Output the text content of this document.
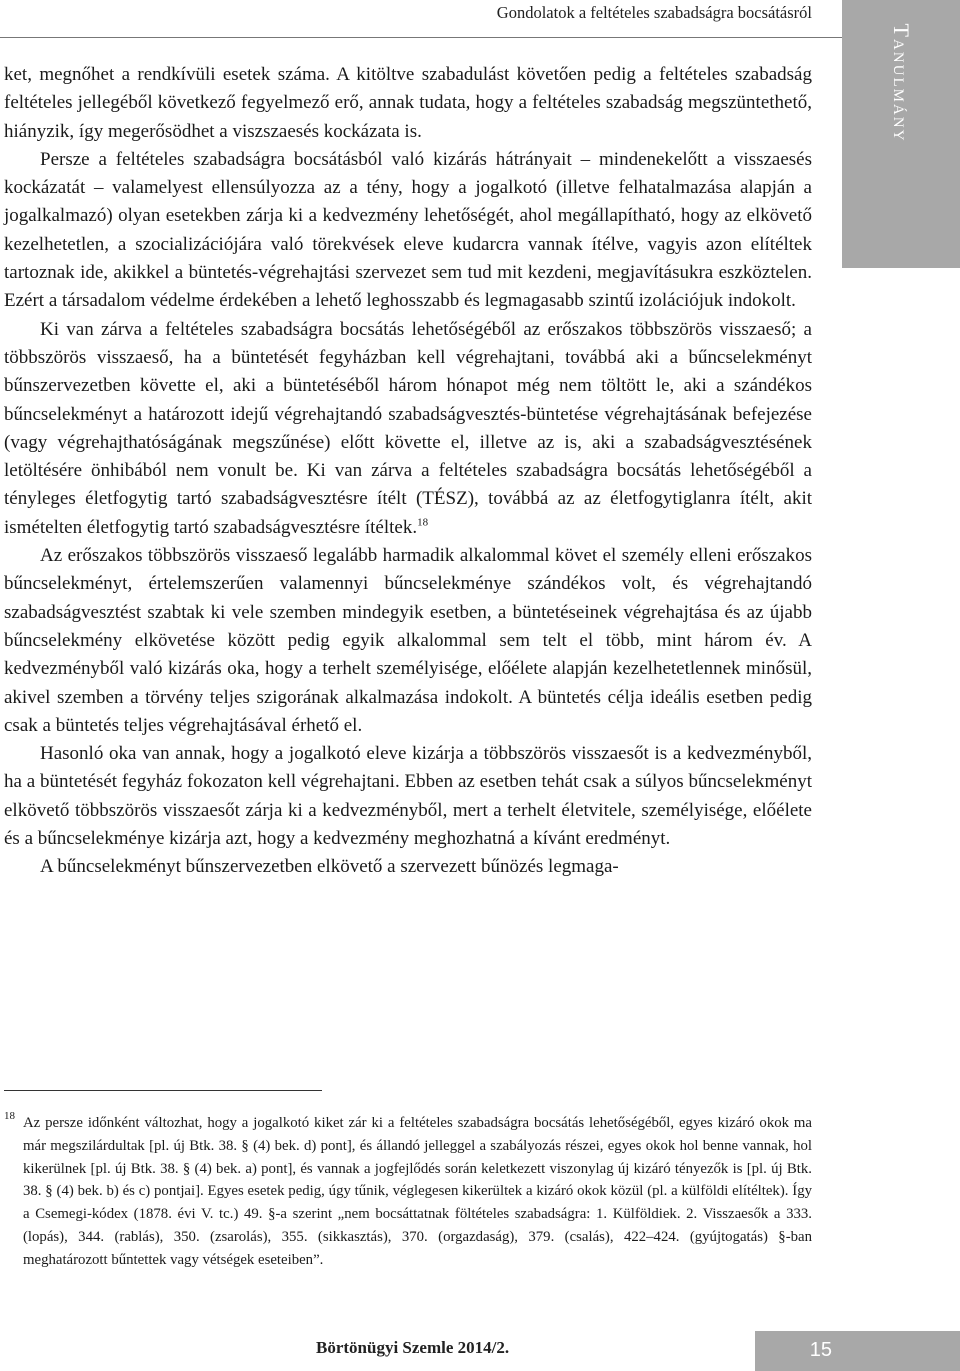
Gondolatok a feltételes szabadságra bocsátásról
Tanulmány

ket, megnőhet a rendkívüli esetek száma. A kitöltve szabadulást követően pedig a feltételes szabadság feltételes jellegéből következő fegyelmező erő, annak tudata, hogy a feltételes szabadság megszüntethető, hiányzik, így megerősödhet a viszszaesés kockázata is.

Persze a feltételes szabadságra bocsátásból való kizárás hátrányait – mindenekelőtt a visszaesés kockázatát – valamelyest ellensúlyozza az a tény, hogy a jogalkotó (illetve felhatalmazása alapján a jogalkalmazó) olyan esetekben zárja ki a kedvezmény lehetőségét, ahol megállapítható, hogy az elkövető kezelhetetlen, a szocializációjára való törekvések eleve kudarcra vannak ítélve, vagyis azon elítéltek tartoznak ide, akikkel a büntetés-végrehajtási szervezet sem tud mit kezdeni, megjavításukra eszköztelen. Ezért a társadalom védelme érdekében a lehető leghosszabb és legmagasabb szintű izolációjuk indokolt.

Ki van zárva a feltételes szabadságra bocsátás lehetőségéből az erőszakos többszörös visszaeső; a többszörös visszaeső, ha a büntetését fegyházban kell végrehajtani, továbbá aki a bűncselekményt bűnszervezetben követte el, aki a büntetéséből három hónapot még nem töltött le, aki a szándékos bűncselekményt a határozott idejű végrehajtandó szabadságvesztés-büntetése végrehajtásának befejezése (vagy végrehajthatóságának megszűnése) előtt követte el, illetve az is, aki a szabadságvesztésének letöltésére önhibából nem vonult be. Ki van zárva a feltételes szabadságra bocsátás lehetőségéből a tényleges életfogytig tartó szabadságvesztésre ítélt (TÉSZ), továbbá az az életfogytiglanra ítélt, akit ismételten életfogytig tartó szabadságvesztésre ítéltek.$^{18}$

Az erőszakos többszörös visszaeső legalább harmadik alkalommal követ el személy elleni erőszakos bűncselekményt, értelemszerűen valamennyi bűncselekménye szándékos volt, és végrehajtandó szabadságvesztést szabtak ki vele szemben mindegyik esetben, a büntetéseinek végrehajtása és az újabb bűncselekmény elkövetése között pedig egyik alkalommal sem telt el több, mint három év. A kedvezményből való kizárás oka, hogy a terhelt személyisége, előélete alapján kezelhetetlennek minősül, akivel szemben a törvény teljes szigorának alkalmazása indokolt. A büntetés célja ideális esetben pedig csak a büntetés teljes végrehajtásával érhető el.

Hasonló oka van annak, hogy a jogalkotó eleve kizárja a többszörös visszaesőt is a kedvezményből, ha a büntetését fegyház fokozaton kell végrehajtani. Ebben az esetben tehát csak a súlyos bűncselekményt elkövető többszörös visszaesőt zárja ki a kedvezményből, mert a terhelt életvitele, személyisége, előélete és a bűncselekménye kizárja azt, hogy a kedvezmény meghozhatná a kívánt eredményt.

A bűncselekményt bűnszervezetben elkövető a szervezett bűnözés legmaga-

18 Az persze időnként változhat, hogy a jogalkotó kiket zár ki a feltételes szabadságra bocsátás lehetőségéből, egyes kizáró okok ma már megszilárdultak [pl. új Btk. 38. § (4) bek. d) pont], és állandó jelleggel a szabályozás részei, egyes okok hol benne vannak, hol kikerülnek [pl. új Btk. 38. § (4) bek. a) pont], és vannak a jogfejlődés során keletkezett viszonylag új kizáró tényezők is [pl. új Btk. 38. § (4) bek. b) és c) pontjai]. Egyes esetek pedig, úgy tűnik, véglegesen kikerültek a kizáró okok közül (pl. a külföldi elítéltek). Így a Csemegi-kódex (1878. évi V. tc.) 49. §-a szerint „nem bocsáttatnak föltételes szabadságra: 1. Külföldiek. 2. Visszaesők a 333. (lopás), 344. (rablás), 350. (zsarolás), 355. (sikkasztás), 370. (orgazdaság), 379. (csalás), 422–424. (gyújtogatás) §-ban meghatározott bűntettek vagy vétségek eseteiben”.

Börtönügyi Szemle 2014/2.	15
